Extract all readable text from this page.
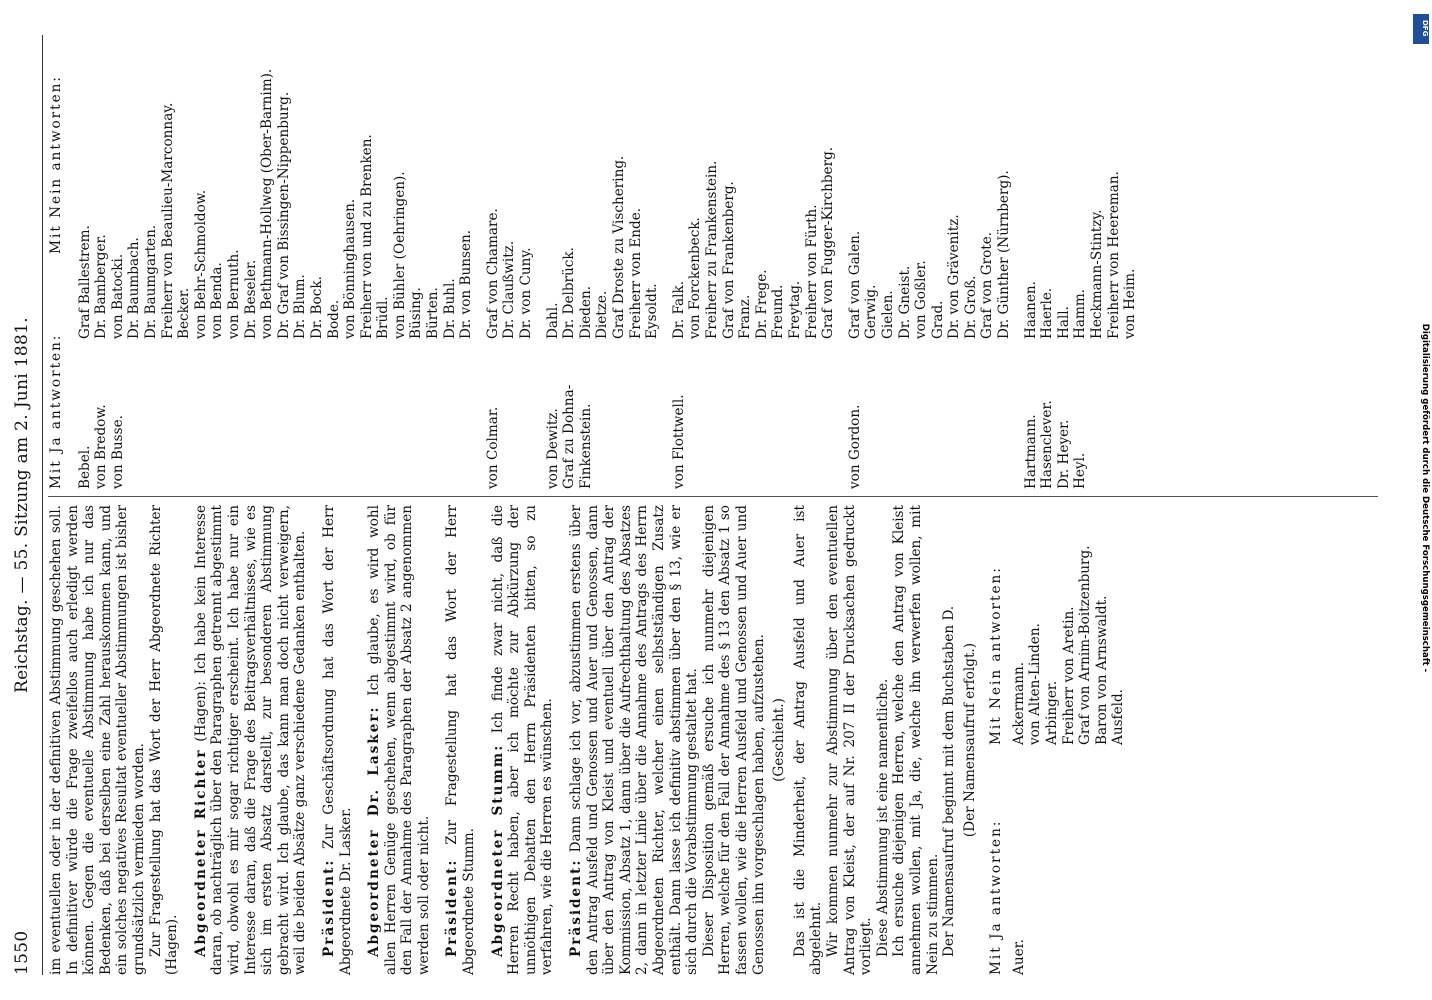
1550
Reichstag. — 55. Sitzung am 2. Juni 1881. im eventuellen oder in der definitiven Abstimmung geschehen soll. In definitiver würde die Frage zweifellos auch erledigt werden können. Gegen die eventuelle Abstimmung habe ich nur das Bedenken, daß bei derselben eine Zahl herauskommen kann, und ein solches negatives Resultat eventueller Abstimmungen ist bisher grundsätzlich vermieden worden. Zur Fragestellung hat das Wort der Herr Abgeordnete Richter (Hagen). Abgeordneter Richter (Hagen): Ich habe kein Interesse daran, ob nachträglich über den Paragraphen getrennt abgestimmt wird, obwohl es mir sogar richtiger erscheint. Ich habe nur ein Interesse daran, daß die Frage des Beitragsverhältnisses, wie es sich im ersten Absatz darstellt, zur besonderen Abstimmung gebracht wird. Ich glaube, das kann man doch nicht verweigern, weil die beiden Absätze ganz verschiedene Gedanken enthalten. Präsident: Zur Geschäftsordnung hat das Wort der Herr Abgeordnete Dr. Lasker. Abgeordneter Dr. Lasker: Ich glaube, es wird wohl allen Herren Genüge geschehen, wenn abgestimmt wird, ob für den Fall der Annahme des Paragraphen der Absatz 2 angenommen werden soll oder nicht. Präsident: Zur Fragestellung hat das Wort der Herr Abgeordnete Stumm. Abgeordneter Stumm: Ich finde zwar nicht, daß die Herren Recht haben, aber ich möchte zur Abkürzung der unnöthigen Debatten den Herrn Präsidenten bitten, so zu verfahren, wie die Herren es wünschen. Präsident: Dann schlage ich vor, abzustimmen erstens über den Antrag Ausfeld und Genossen und Auer und Genossen, dann über den Antrag von Kleist und eventuell über den Antrag der Kommission, Absatz 1, dann über die Aufrechthaltung des Absatzes 2, dann in letzter Linie über die Annahme des Antrags des Herrn Abgeordneten Richter, welcher einen selbstständigen Zusatz enthält. Dann lasse ich definitiv abstimmen über den § 13, wie er sich durch die Vorabstimmung gestaltet hat. Dieser Disposition gemäß ersuche ich nunmehr diejenigen Herren, welche für den Fall der Annahme des § 13 den Absatz 1 so fassen wollen, wie die Herren Ausfeld und Genossen und Auer und Genossen ihn vorgeschlagen haben, aufzustehen. (Geschieht.) Das ist die Minderheit, der Antrag Ausfeld und Auer ist abgelehnt. Wir kommen nunmehr zur Abstimmung über den eventuellen Antrag von Kleist, der auf Nr. 207 II der Drucksachen gedruckt vorliegt. Diese Abstimmung ist eine namentliche. Ich ersuche diejenigen Herren, welche den Antrag von Kleist annehmen wollen, mit Ja, die, welche ihn verwerfen wollen, mit Nein zu stimmen. Der Namensaufruf beginnt mit dem Buchstaben D. (Der Namensaufruf erfolgt.)

Mit Ja antworten:
Mit Nein antworten:
Auer.
Ackermann. von Alten-Linden. Arbinger. Freiherr von Aretin. Graf von Arnim-Boitzenburg. Baron von Arnswaldt. Ausfeld.
Mit Ja antworten:
Mit Nein antworten:
Bebel. von Bredow. von Busse.
Graf Ballestrem. Dr. Bamberger. von Batocki. Dr. Baumbach. Dr. Baumgarten. Freiherr von Beaulieu-Marconnay. Becker. von Behr-Schmoldow. von Benda. von Bernuth. Dr. Beseler. von Bethmann-Hollweg (Ober-Barnim). Dr. Graf von Bissingen-Nippenburg. Dr. Blum. Dr. Bock. Bode. von Bönninghausen. Freiherr von und zu Brenken. Brüdl. von Bühler (Oehringen). Büsing. Bürten. Dr. Buhl. Dr. von Bunsen.
von Colmar.
Graf von Chamare. Dr. Claußwitz. Dr. von Cuny.
von Dewitz. Graf zu Dohna-Finkenstein.
Dahl. Dr. Delbrück. Dieden. Dietze. Graf Droste zu Vischering. Freiherr von Ende. Eysoldt.
von Flottwell.
Dr. Falk. von Forckenbeck. Freiherr zu Frankenstein. Graf von Frankenberg. Franz. Dr. Frege. Freund. Freytag. Freiherr von Fürth. Graf von Fugger-Kirchberg.
von Gordon.
Graf von Galen. Gerwig. Gielen. Dr. Gneist. von Goßler. Grad. Dr. von Grävenitz. Dr. Groß. Graf von Grote. Dr. Günther (Nürnberg).
Hartmann. Hasenclever. Dr. Heyer. Heyl.
Haanen. Haerle. Hall. Hamm. Heckmann-Stintzy. Freiherr von Heereman. von Heim.
DFG
Digitalisierung gefördert durch die Deutsche Forschungsgemeinschaft -
